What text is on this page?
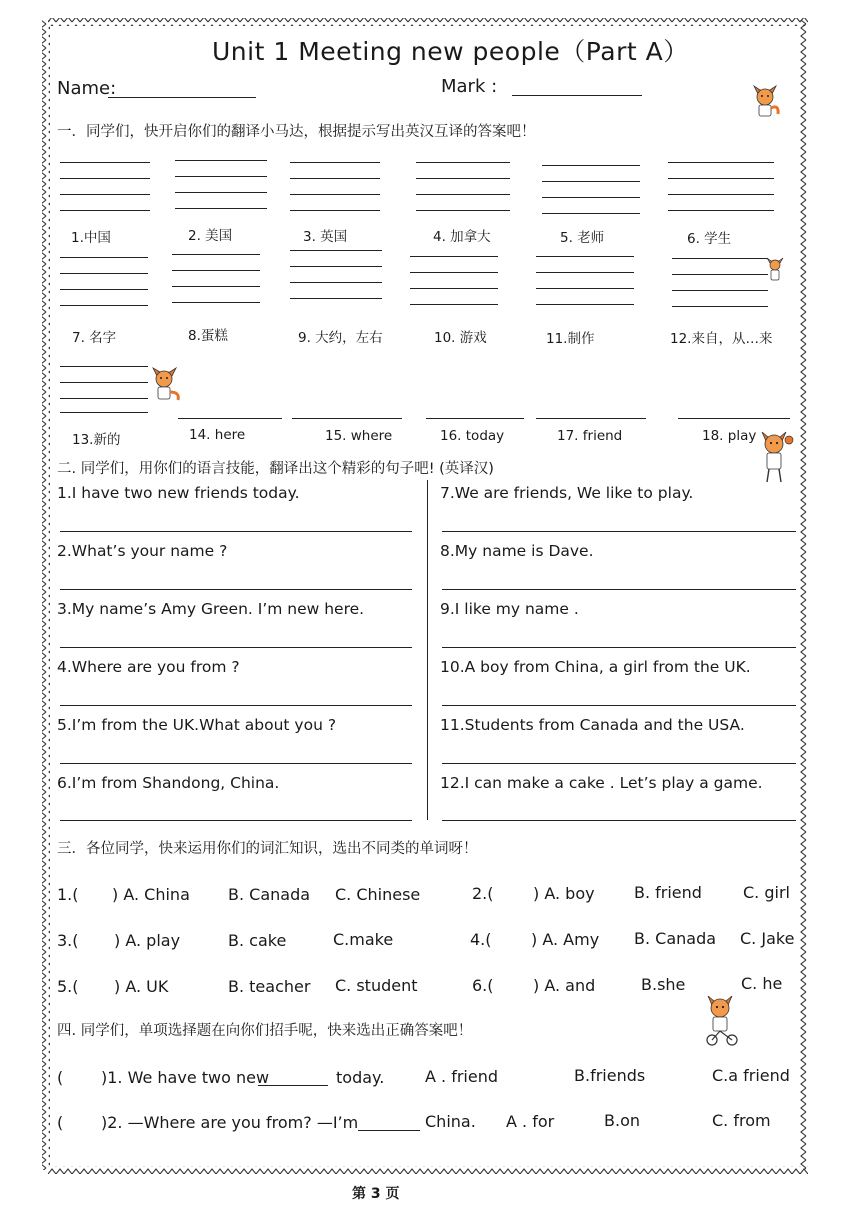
Unit 1 Meeting new people（Part A）
Name:	Mark :
一．同学们，快开启你们的翻译小马达，根据提示写出英汉互译的答案吧！
1.中国	2. 美国	3. 英国	4. 加拿大	5. 老师	6. 学生
7. 名字	8.蛋糕	9. 大约，左右	10. 游戏	11.制作	12.来自，从…来
13.新的	14. here	15. where	16. today	17. friend	18. play
二. 同学们，用你们的语言技能，翻译出这个精彩的句子吧! (英译汉)
1.I have two new friends today.
2.What’s your name ?
3.My name’s Amy Green. I’m new here.
4.Where are you from ?
5.I’m from the UK.What about you ?
6.I’m from Shandong, China.
7.We are friends, We like to play.
8.My name is Dave.
9.I like my name .
10.A boy from China, a girl from the UK.
11.Students from Canada and the USA.
12.I can make a cake . Let’s play a game.
三．各位同学，快来运用你们的词汇知识，选出不同类的单词呀！
1.( ) A. China B. Canada C. Chinese	2.( ) A. boy B. friend	C. girl
3.( ) A. play	B. cake	C.make	4.( ) A. Amy B. Canada C. Jake
5.( ) A. UK	B. teacher C. student	6.( ) A. and	B.she	C. he
四. 同学们，单项选择题在向你们招手呢，快来选出正确答案吧！
( )1. We have two new	today.	A . friend	B.friends	C.a friend
( )2. —Where are you from? —I’m	China. A . for	B.on	C. from
第 3 页
